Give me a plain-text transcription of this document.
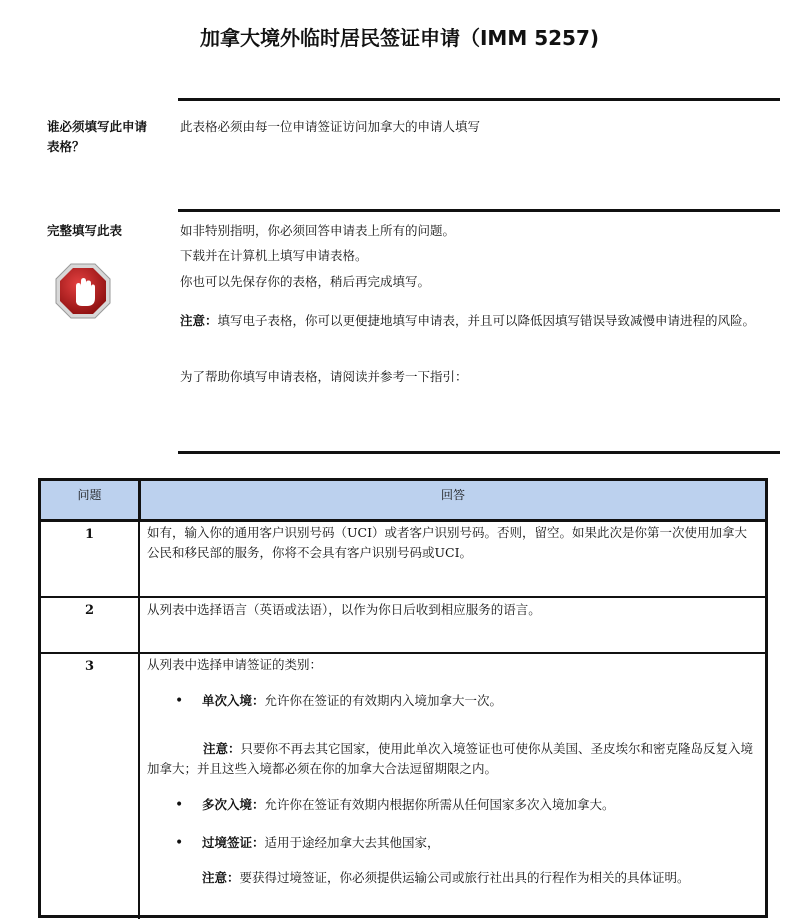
加拿大境外临时居民签证申请（IMM 5257)
谁必须填写此申请表格？
此表格必须由每一位申请签证访问加拿大的申请人填写
完整填写此表	如非特别指明，你必须回答申请表上所有的问题。
下载并在计算机上填写申请表格。
你也可以先保存你的表格，稍后再完成填写。
注意：填写电子表格，你可以更便捷地填写申请表，并且可以降低因填写错误导致减慢申请进程的风险。
为了帮助你填写申请表格，请阅读并参考一下指引：
问题	回答
1	如有，输入你的通用客户识别号码（UCI）或者客户识别号码。否则，留空。如果此次是你第一次使用加拿大公民和移民部的服务，你将不会具有客户识别号码或UCI。
2	从列表中选择语言（英语或法语），以作为你日后收到相应服务的语言。
3	从列表中选择申请签证的类别：
• 单次入境：允许你在签证的有效期内入境加拿大一次。
注意：只要你不再去其它国家，使用此单次入境签证也可使你从美国、圣皮埃尔和密克隆岛反复入境加拿大；并且这些入境都必须在你的加拿大合法逗留期限之内。
• 多次入境：允许你在签证有效期内根据你所需从任何国家多次入境加拿大。
• 过境签证：适用于途经加拿大去其他国家，
注意：要获得过境签证，你必须提供运输公司或旅行社出具的行程作为相关的具体证明。
